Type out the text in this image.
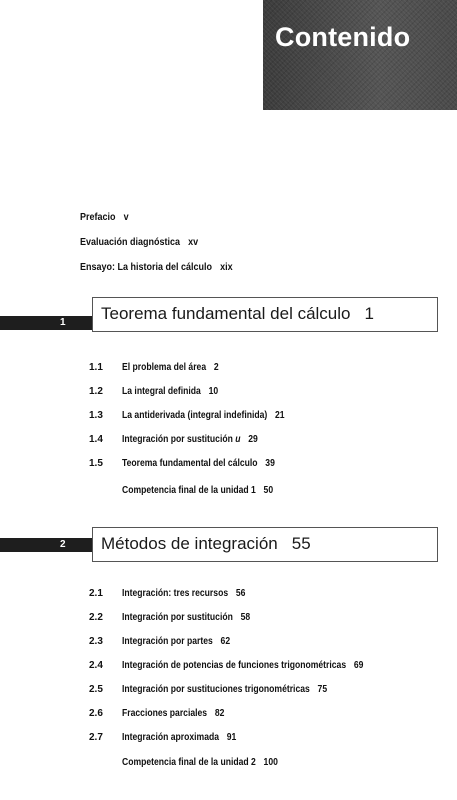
Contenido
Prefacio v
Evaluación diagnóstica xv
Ensayo: La historia del cálculo xix
1 Teorema fundamental del cálculo 1
1.1 El problema del área 2
1.2 La integral definida 10
1.3 La antiderivada (integral indefinida) 21
1.4 Integración por sustitución u 29
1.5 Teorema fundamental del cálculo 39
Competencia final de la unidad 1 50
2 Métodos de integración 55
2.1 Integración: tres recursos 56
2.2 Integración por sustitución 58
2.3 Integración por partes 62
2.4 Integración de potencias de funciones trigonométricas 69
2.5 Integración por sustituciones trigonométricas 75
2.6 Fracciones parciales 82
2.7 Integración aproximada 91
Competencia final de la unidad 2 100
